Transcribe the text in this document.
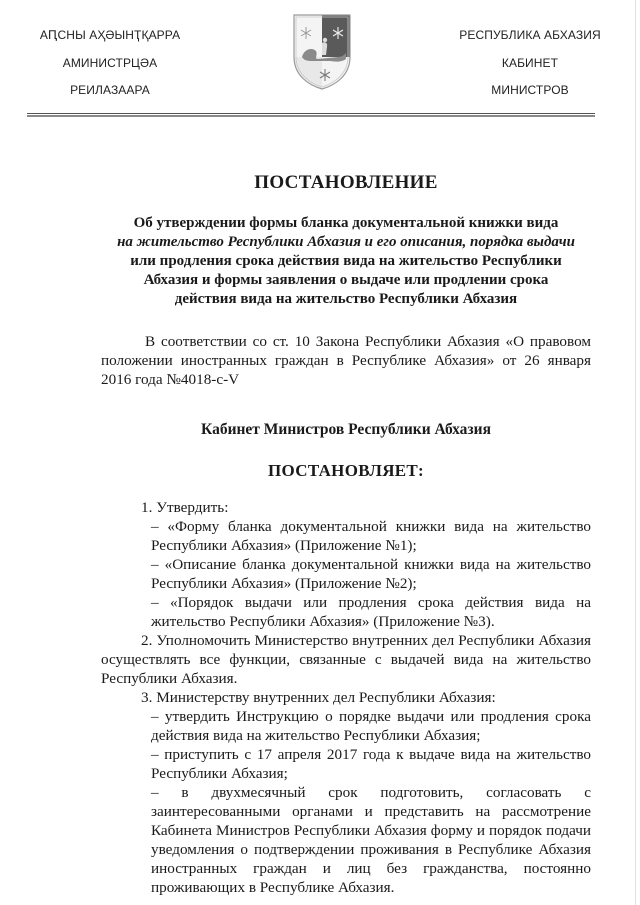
АԤСНЫ АҲӘЫНҬҚАРРА
АМИНИСТРЦӘА
РЕИЛАЗААРА
РЕСПУБЛИКА АБХАЗИЯ
КАБИНЕТ
МИНИСТРОВ
ПОСТАНОВЛЕНИЕ
Об утверждении формы бланка документальной книжки вида
на жительство Республики Абхазия и его описания, порядка выдачи
или продления срока действия вида на жительство Республики
Абхазия и формы заявления о выдаче или продлении срока
действия вида на жительство Республики Абхазия
В соответствии со ст. 10 Закона Республики Абхазия «О правовом положении иностранных граждан в Республике Абхазия» от 26 января 2016 года №4018-с-V
Кабинет Министров Республики Абхазия
ПОСТАНОВЛЯЕТ:
1. Утвердить:
– «Форму бланка документальной книжки вида на жительство Республики Абхазия» (Приложение №1);
– «Описание бланка документальной книжки вида на жительство Республики Абхазия» (Приложение №2);
– «Порядок выдачи или продления срока действия вида на жительство Республики Абхазия» (Приложение №3).
2. Уполномочить Министерство внутренних дел Республики Абхазия осуществлять все функции, связанные с выдачей вида на жительство Республики Абхазия.
3. Министерству внутренних дел Республики Абхазия:
– утвердить Инструкцию о порядке выдачи или продления срока действия вида на жительство Республики Абхазия;
– приступить с 17 апреля 2017 года к выдаче вида на жительство Республики Абхазия;
– в двухмесячный срок подготовить, согласовать с заинтересованными органами и представить на рассмотрение Кабинета Министров Республики Абхазия форму и порядок подачи уведомления о подтверждении проживания в Республике Абхазия иностранных граждан и лиц без гражданства, постоянно проживающих в Республике Абхазия.
